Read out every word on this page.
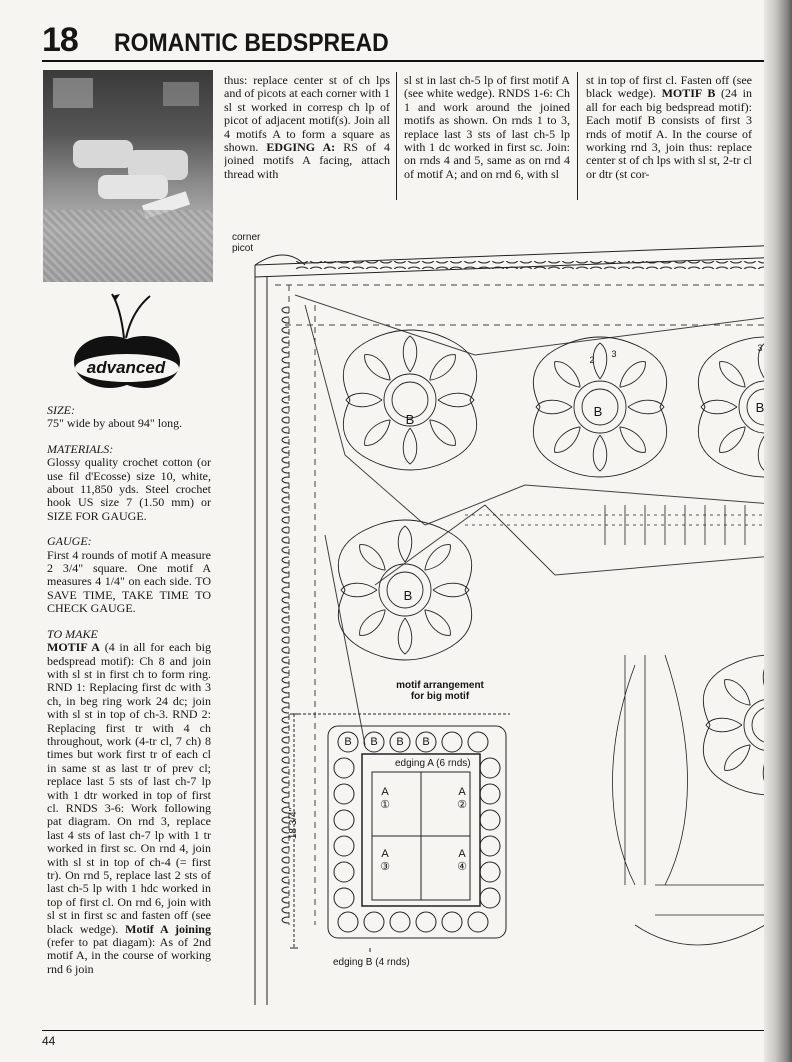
18 ROMANTIC BEDSPREAD
advanced
SIZE:
75" wide by about 94" long.
MATERIALS:
Glossy quality crochet cotton (or use fil d'Ecosse) size 10, white, about 11,850 yds. Steel crochet hook US size 7 (1.50 mm) or SIZE FOR GAUGE.
GAUGE:
First 4 rounds of motif A measure 2 3/4" square. One motif A measures 4 1/4" on each side. TO SAVE TIME, TAKE TIME TO CHECK GAUGE.
TO MAKE
MOTIF A (4 in all for each big bedspread motif): Ch 8 and join with sl st in first ch to form ring. RND 1: Replacing first dc with 3 ch, in beg ring work 24 dc; join with sl st in top of ch-3. RND 2: Replacing first tr with 4 ch throughout, work (4-tr cl, 7 ch) 8 times but work first tr of each cl in same st as last tr of prev cl; replace last 5 sts of last ch-7 lp with 1 dtr worked in top of first cl. RNDS 3-6: Work following pat diagram. On rnd 3, replace last 4 sts of last ch-7 lp with 1 tr worked in first sc. On rnd 4, join with sl st in top of ch-4 (= first tr). On rnd 5, replace last 2 sts of last ch-5 lp with 1 hdc worked in top of first cl. On rnd 6, join with sl st in first sc and fasten off (see black wedge). Motif A joining (refer to pat diagam): As of 2nd motif A, in the course of working rnd 6 join
thus: replace center st of ch lps and of picots at each corner with 1 sl st worked in corresp ch lp of picot of adjacent motif(s). Join all 4 motifs A to form a square as shown. EDGING A: RS of 4 joined motifs A facing, attach thread with
sl st in last ch-5 lp of first motif A (see white wedge). RNDS 1-6: Ch 1 and work around the joined motifs as shown. On rnds 1 to 3, replace last 3 sts of last ch-5 lp with 1 dc worked in first sc. Join: on rnds 4 and 5, same as on rnd 4 of motif A; and on rnd 6, with sl
st in top of first cl. Fasten off (see black wedge). MOTIF B (24 in all for each big bedspread motif): Each motif B consists of first 3 rnds of motif A. In the course of working rnd 3, join thus: replace center st of ch lps with sl st, 2-tr cl or dtr (st cor-
corner
picot
B
B	B
B
2
3
3
motif arrangement
for big motif
B	B	B	B
edging A (6 rnds)
A
①
A
②
A
③
A
④
18 3/4"
edging B (4 rnds)
44
